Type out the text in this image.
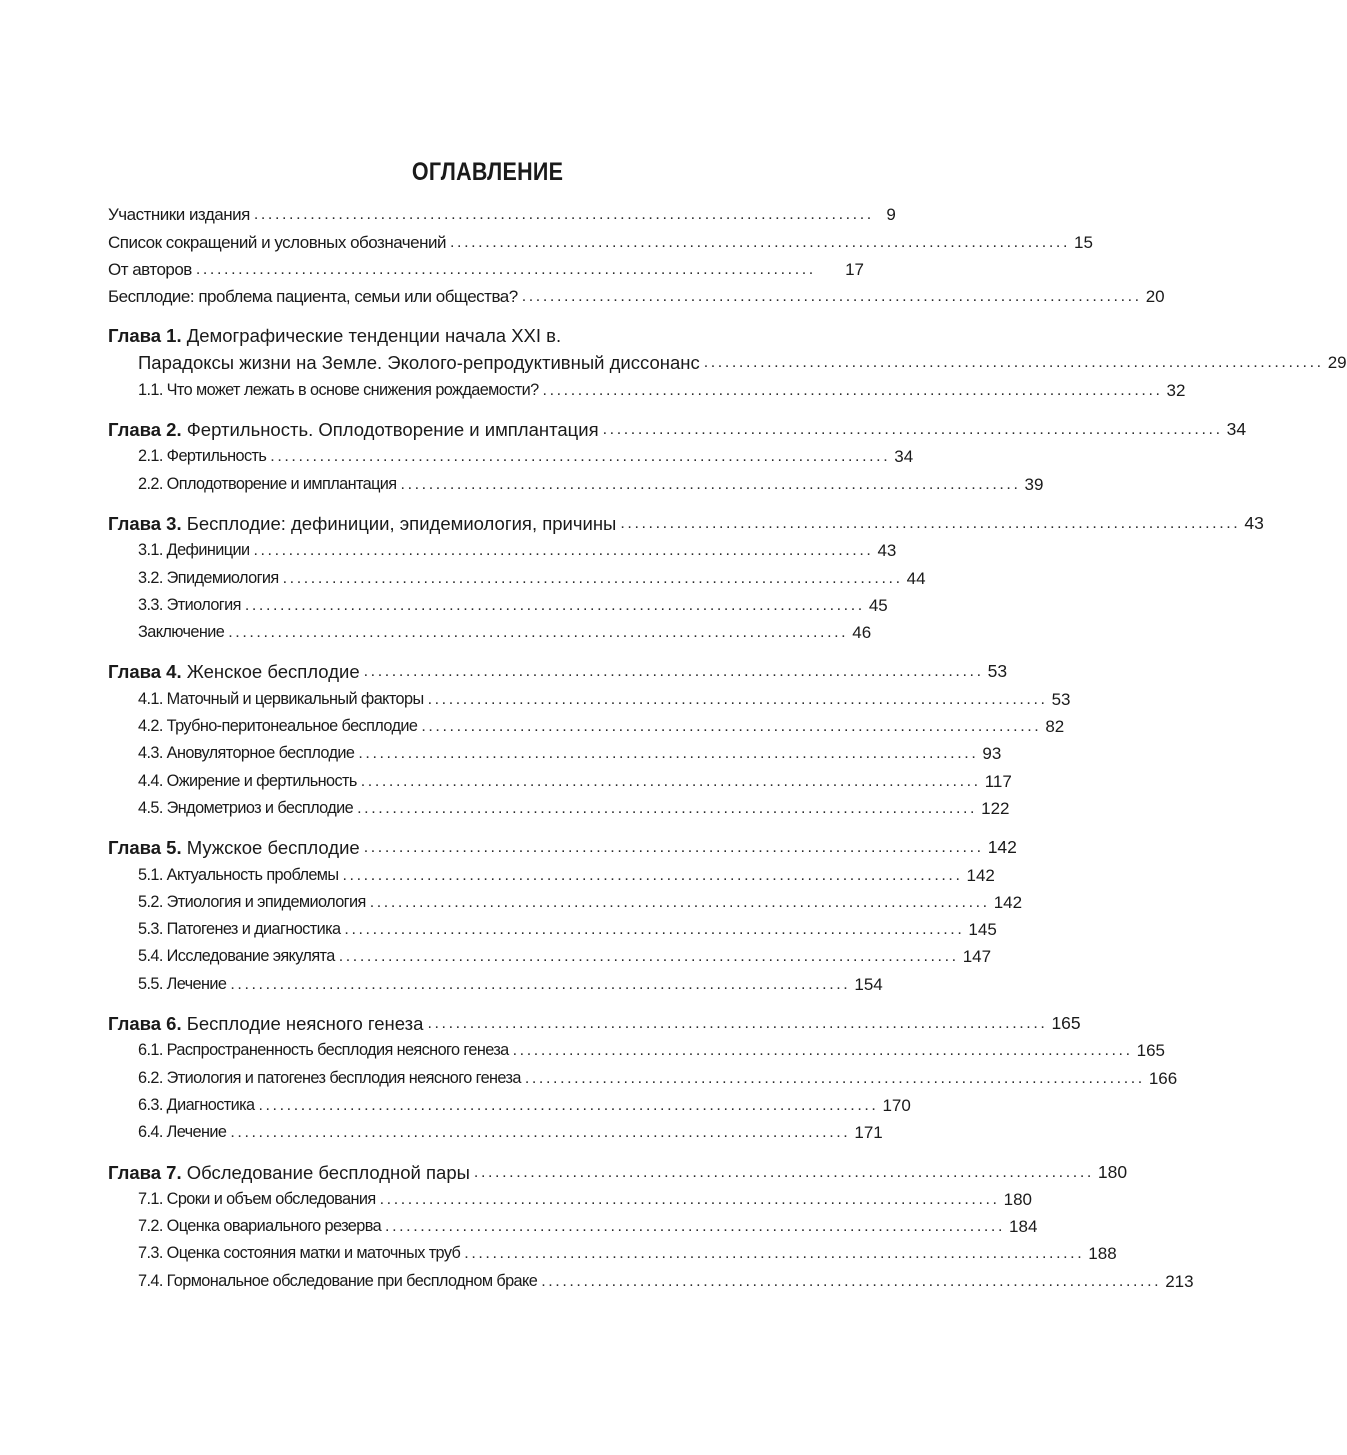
ОГЛАВЛЕНИЕ
Участники издания ........................................................................................ 9
Список сокращений и условных обозначений ........................................................................................ 15
От авторов ........................................................................................	17
Бесплодие: проблема пациента, семьи или общества? ........................................................................................ 20
Глава 1. Демографические тенденции начала XXI в.
Парадоксы жизни на Земле. Эколого-репродуктивный диссонанс ........................................................................................ 29
1.1. Что может лежать в основе снижения рождаемости? ........................................................................................ 32
Глава 2. Фертильность. Оплодотворение и имплантация ........................................................................................ 34
2.1. Фертильность ........................................................................................ 34
2.2. Оплодотворение и имплантация ........................................................................................ 39
Глава 3. Бесплодие: дефиниции, эпидемиология, причины ........................................................................................ 43
3.1. Дефиниции ........................................................................................ 43
3.2. Эпидемиология ........................................................................................ 44
3.3. Этиология ........................................................................................ 45
Заключение ........................................................................................ 46
Глава 4. Женское бесплодие ........................................................................................ 53
4.1. Маточный и цервикальный факторы ........................................................................................ 53
4.2. Трубно-перитонеальное бесплодие ........................................................................................ 82
4.3. Ановуляторное бесплодие ........................................................................................ 93
4.4. Ожирение и фертильность ........................................................................................ 117
4.5. Эндометриоз и бесплодие ........................................................................................ 122
Глава 5. Мужское бесплодие ........................................................................................ 142
5.1. Актуальность проблемы ........................................................................................ 142
5.2. Этиология и эпидемиология ........................................................................................ 142
5.3. Патогенез и диагностика ........................................................................................ 145
5.4. Исследование эякулята ........................................................................................ 147
5.5. Лечение ........................................................................................ 154
Глава 6. Бесплодие неясного генеза ........................................................................................ 165
6.1. Распространенность бесплодия неясного генеза ........................................................................................ 165
6.2. Этиология и патогенез бесплодия неясного генеза ........................................................................................ 166
6.3. Диагностика ........................................................................................ 170
6.4. Лечение ........................................................................................ 171
Глава 7. Обследование бесплодной пары ........................................................................................ 180
7.1. Сроки и объем обследования ........................................................................................ 180
7.2. Оценка овариального резерва ........................................................................................ 184
7.3. Оценка состояния матки и маточных труб ........................................................................................ 188
7.4. Гормональное обследование при бесплодном браке ........................................................................................ 213
